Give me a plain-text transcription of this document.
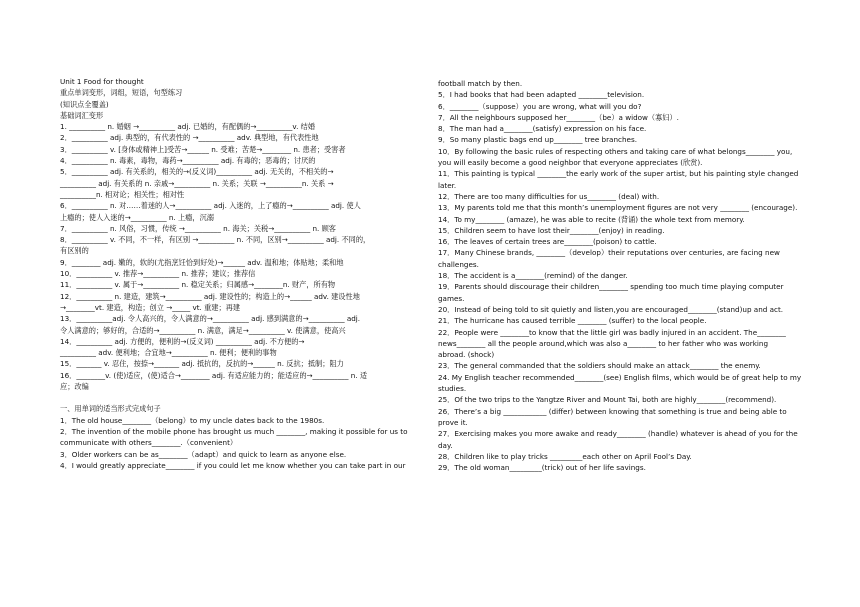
Unit 1 Food for thought

重点单词变形，词组，短语，句型练习

(知识点全覆盖)

基础词汇变形

1. __________ n. 婚姻 →__________ adj. 已婚的，有配偶的→__________v. 结婚

2．__________ adj. 典型的，有代表性的 →__________ adv. 典型地，有代表性地

3．__________ v. [身体或精神上]受苦→______ n. 受难；苦楚→________ n. 患者；受害者

4．__________ n. 毒素，毒物，毒药→__________ adj. 有毒的；恶毒的；讨厌的

5．__________ adj. 有关系的，相关的→(反义词)__________ adj. 无关的，不相关的→

__________ adj. 有关系的 n. 亲戚→__________ n. 关系；关联 →__________n. 关系 →

__________n. 相对论；相关性；相对性

6．__________ n. 对……着迷的人→__________ adj. 入迷的，上了瘾的→__________ adj. 使人

上瘾的；使人入迷的→__________ n. 上瘾，沉溺

7．__________ n. 风俗，习惯，传统 →__________ n. 海关；关税→__________ n. 顾客

8．__________ v. 不同，不一样，有区别 →__________ n. 不同，区别→__________ adj. 不同的，

有区别的

9．________ adj. 嫩的，软的(尤指烹饪恰到好处)→______ adv. 温和地；体贴地；柔和地

10．__________ v. 推荐→__________ n. 推荐；建议；推荐信

11．__________ v. 属于→__________ n. 稳定关系；归属感→________n. 财产，所有物

12．__________ n. 建造，建筑→__________ adj. 建设性的；构造上的→______ adv. 建设性地

→________vt. 建造，构造；创立 →_____ vt. 重建；再建

13．__________adj. 令人高兴的，令人满意的→__________ adj. 感到满意的→__________ adj.

令人满意的；够好的，合适的→__________ n. 满意，满足→__________ v. 使满意，使高兴

14．__________ adj. 方便的，便利的→(反义词) __________ adj. 不方便的→

__________ adv. 便利地；合宜地→__________ n. 便利；便利的事物

15．_______ v. 忍住，按捺→_______ adj. 抵抗的，反抗的→______ n. 反抗；抵制；阻力

16．________v. (使)适应，(使)适合→________ adj. 有适应能力的；能适应的→__________ n. 适

应；改编

一、用单词的适当形式完成句子

1．The old house________（belong）to my uncle dates back to the 1980s.

2．The invention of the mobile phone has brought us much ________, making it possible for us to

communicate with others________.（convenient）

3．Older workers can be as________（adapt）and quick to learn as anyone else.

4．I would greatly appreciate________ if you could let me know whether you can take part in our

football match by then.

5．I had books that had been adapted ________television.

6．________（suppose）you are wrong, what will you do?

7．All the neighbours supposed her________（be）a widow（寡妇）.

8．The man had a________(satisfy) expression on his face.

9．So many plastic bags end up________ tree branches.

10．By following the basic rules of respecting others and taking care of what belongs________ you,

you will easily become a good neighbor that everyone appreciates (欣赏).

11．This painting is typical ________the early work of the super artist, but his painting style changed

later.

12．There are too many difficulties for us________ (deal) with.

13．My parents told me that this month’s unemployment figures are not very ________ (encourage).

14．To my________ (amaze), he was able to recite (背诵) the whole text from memory.

15．Children seem to have lost their________(enjoy) in reading.

16．The leaves of certain trees are________(poison) to cattle.

17．Many Chinese brands, ________（develop）their reputations over centuries, are facing new

challenges.

18．The accident is a________(remind) of the danger.

19．Parents should discourage their children________ spending too much time playing computer

games.

20．Instead of being told to sit quietly and listen,you are encouraged________(stand)up and act.

21．The hurricane has caused terrible ________ (suffer) to the local people.

22．People were ________to know that the little girl was badly injured in an accident. The________

news________ all the people around,which was also a________ to her father who was working

abroad. (shock)

23．The general commanded that the soldiers should make an attack________ the enemy.

24. My English teacher recommended________(see) English films, which would be of great help to my

studies.

25．Of the two trips to the Yangtze River and Mount Tai, both are highly________(recommend).

26．There’s a big ____________ (differ) between knowing that something is true and being able to

prove it.

27．Exercising makes you more awake and ready________ (handle) whatever is ahead of you for the

day.

28．Children like to play tricks _________each other on April Fool’s Day.

29．The old woman_________(trick) out of her life savings.
